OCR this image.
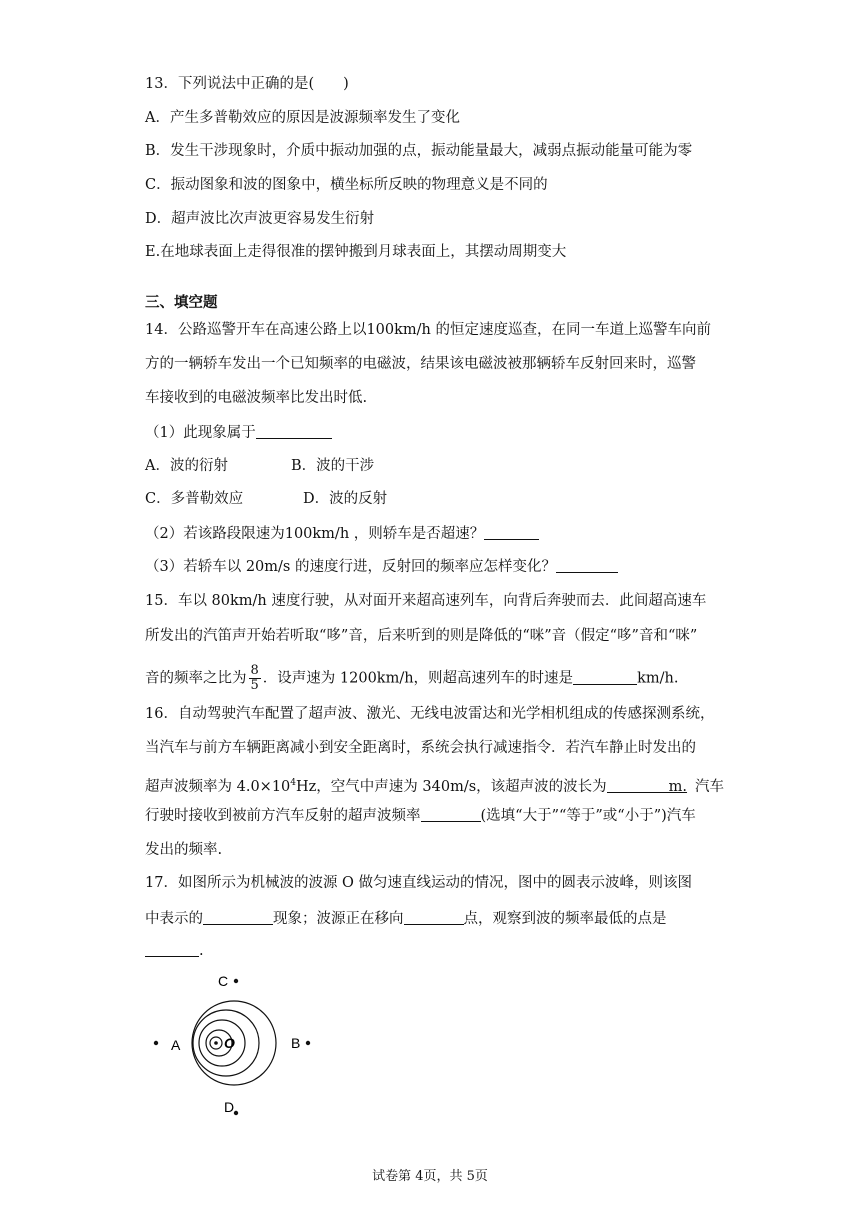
13．下列说法中正确的是(　　)
A．产生多普勒效应的原因是波源频率发生了变化
B．发生干涉现象时，介质中振动加强的点，振动能量最大，减弱点振动能量可能为零
C．振动图象和波的图象中，横坐标所反映的物理意义是不同的
D．超声波比次声波更容易发生衍射
E.在地球表面上走得很准的摆钟搬到月球表面上，其摆动周期变大
三、填空题
14．公路巡警开车在高速公路上以100km/h 的恒定速度巡查，在同一车道上巡警车向前
方的一辆轿车发出一个已知频率的电磁波，结果该电磁波被那辆轿车反射回来时，巡警
车接收到的电磁波频率比发出时低.
（1）此现象属于
A．波的衍射	B．波的干涉
C．多普勒效应	D．波的反射
（2）若该路段限速为100km/h ，则轿车是否超速？
（3）若轿车以 20m/s 的速度行进，反射回的频率应怎样变化？
15．车以 80km/h 速度行驶，从对面开来超高速列车，向背后奔驶而去．此间超高速车
所发出的汽笛声开始若听取“哆”音，后来听到的则是降低的“咪”音（假定“哆”音和“咪”
音的频率之比为 $\frac{8}{5}$ ．设声速为 1200km/h，则超高速列车的时速是	km/h.
16．自动驾驶汽车配置了超声波、激光、无线电波雷达和光学相机组成的传感探测系统，
当汽车与前方车辆距离减小到安全距离时，系统会执行减速指令．若汽车静止时发出的
超声波频率为 $4.0\times 10^4Hz$，空气中声速为 340m/s，该超声波的波长为	m. 汽车
行驶时接收到被前方汽车反射的超声波频率	(选填“大于”“等于”或“小于”)汽车
发出的频率.
17．如图所示为机械波的波源 O 做匀速直线运动的情况，图中的圆表示波峰，则该图
中表示的	现象；波源正在移向	点，观察到波的频率最低的点是
.
O
A	B
C
D
试卷第 4页，共 5页
